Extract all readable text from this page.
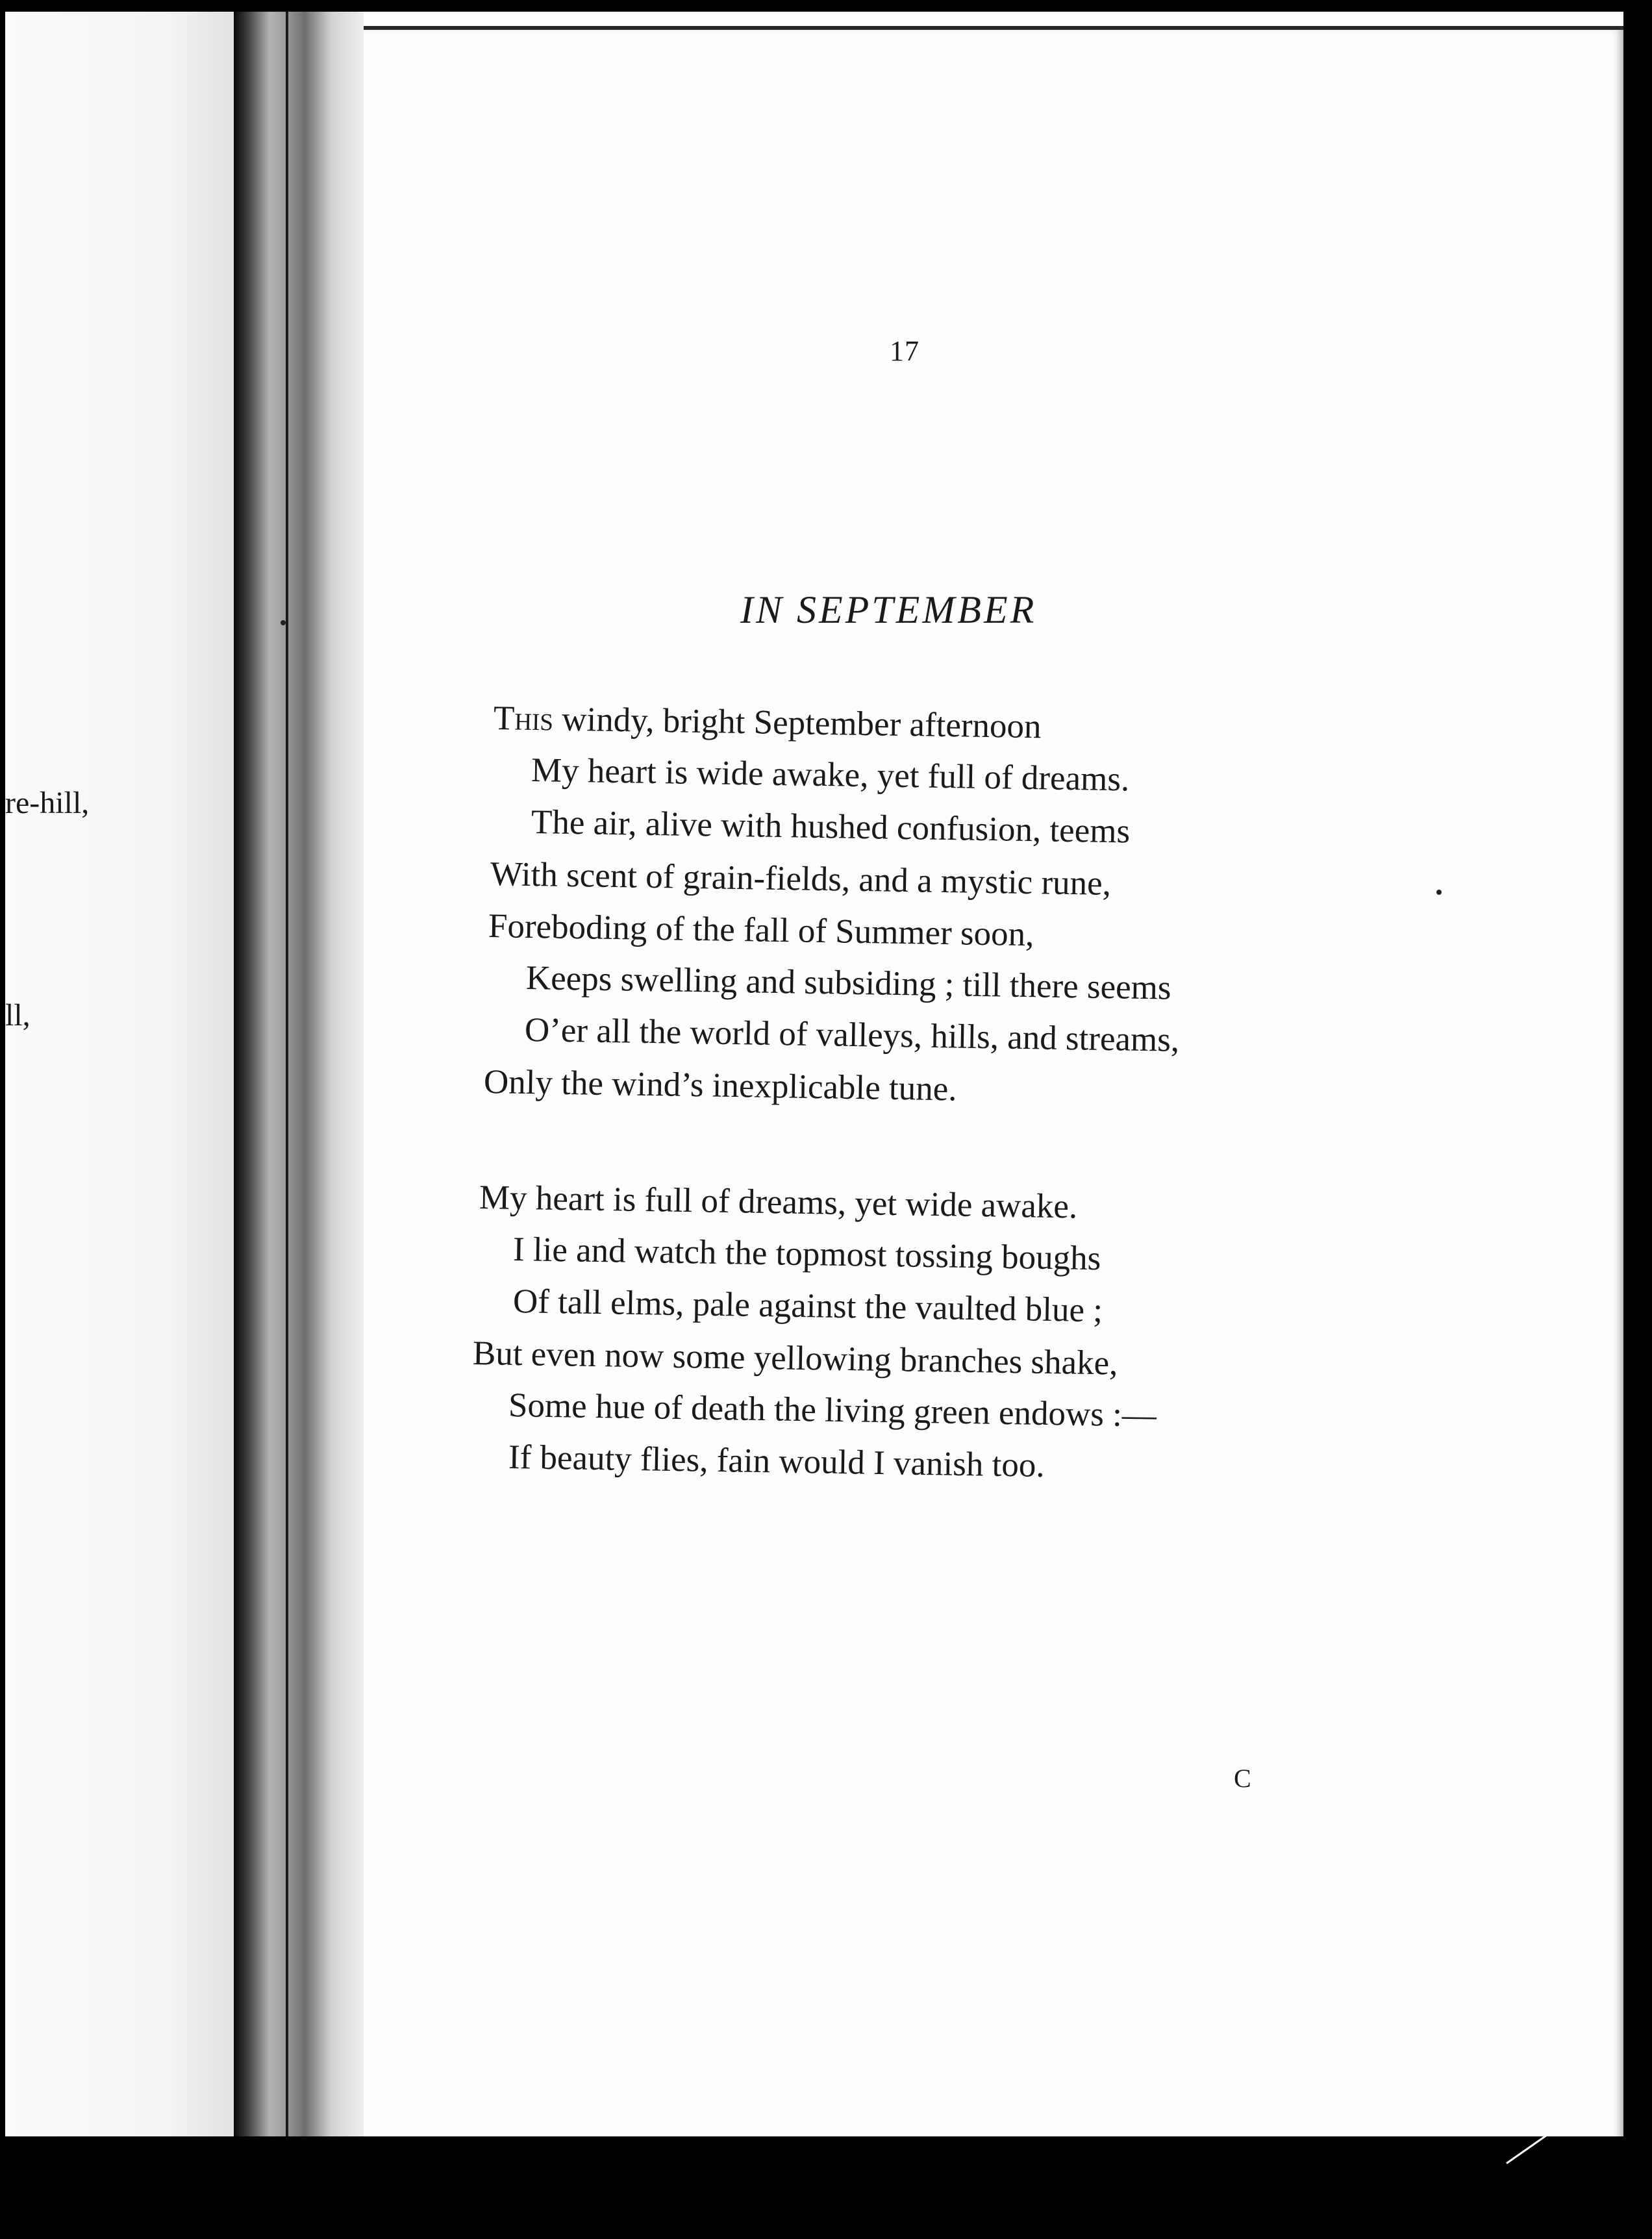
re-hill,
ll,
17
IN SEPTEMBER
This windy, bright September afternoon
My heart is wide awake, yet full of dreams.
The air, alive with hushed confusion, teems
With scent of grain-fields, and a mystic rune,
Foreboding of the fall of Summer soon,
Keeps swelling and subsiding ; till there seems
O’er all the world of valleys, hills, and streams,
Only the wind’s inexplicable tune.
My heart is full of dreams, yet wide awake.
I lie and watch the topmost tossing boughs
Of tall elms, pale against the vaulted blue ;
But even now some yellowing branches shake,
Some hue of death the living green endows :—
If beauty flies, fain would I vanish too.
C
